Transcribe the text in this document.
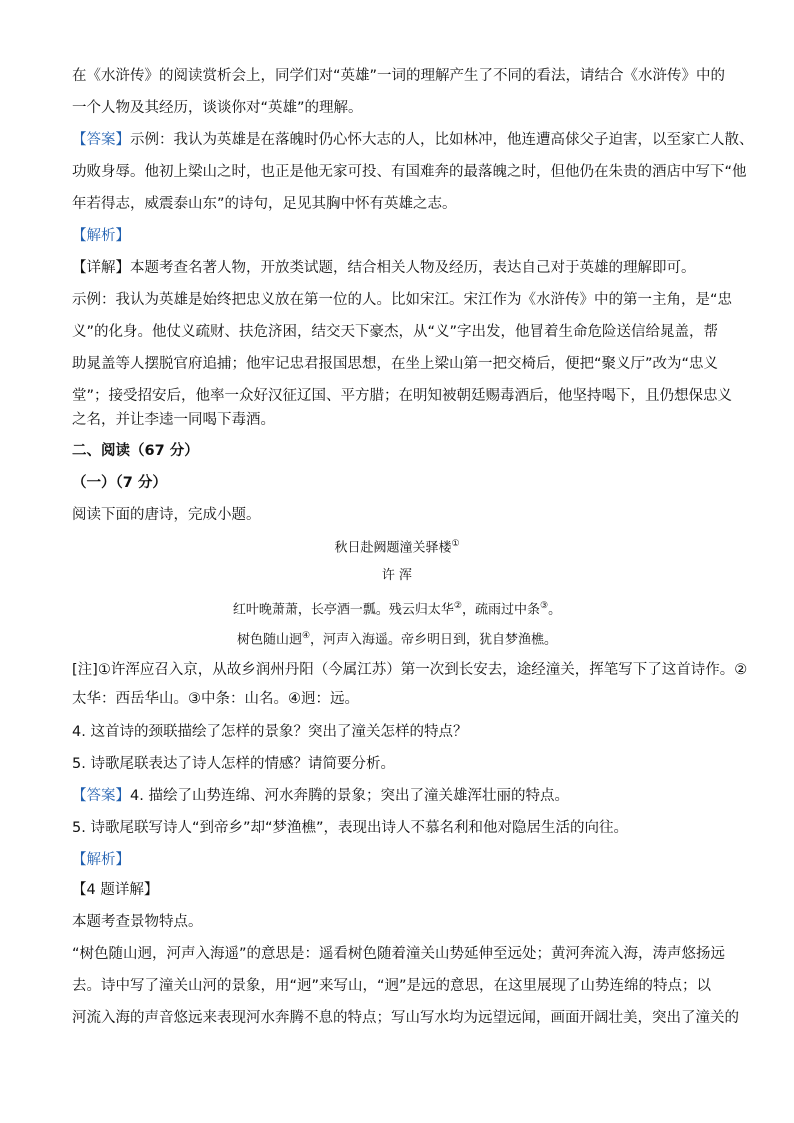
在《水浒传》的阅读赏析会上，同学们对“英雄”一词的理解产生了不同的看法，请结合《水浒传》中的
一个人物及其经历，谈谈你对“英雄”的理解。
【答案】示例：我认为英雄是在落魄时仍心怀大志的人，比如林冲，他连遭高俅父子迫害，以至家亡人散、
功败身辱。他初上梁山之时，也正是他无家可投、有国难奔的最落魄之时，但他仍在朱贵的酒店中写下“他
年若得志，威震泰山东”的诗句，足见其胸中怀有英雄之志。
【解析】
【详解】本题考查名著人物，开放类试题，结合相关人物及经历，表达自己对于英雄的理解即可。
示例：我认为英雄是始终把忠义放在第一位的人。比如宋江。宋江作为《水浒传》中的第一主角，是“忠
义”的化身。他仗义疏财、扶危济困，结交天下豪杰，从“义”字出发，他冒着生命危险送信给晁盖，帮
助晁盖等人摆脱官府追捕；他牢记忠君报国思想，在坐上梁山第一把交椅后，便把“聚义厅”改为“忠义
堂”；接受招安后，他率一众好汉征辽国、平方腊；在明知被朝廷赐毒酒后，他坚持喝下，且仍想保忠义
之名，并让李逵一同喝下毒酒。
二、阅读（67 分）
（一）（7 分）
阅读下面的唐诗，完成小题。
秋日赴阙题潼关驿楼①
许 浑
红叶晚萧萧，长亭酒一瓢。残云归太华②，疏雨过中条③。
树色随山迥④，河声入海遥。帝乡明日到，犹自梦渔樵。
[注]①许浑应召入京，从故乡润州丹阳（今属江苏）第一次到长安去，途经潼关，挥笔写下了这首诗作。②
太华：西岳华山。③中条：山名。④迥：远。
4. 这首诗的颈联描绘了怎样的景象？突出了潼关怎样的特点？
5. 诗歌尾联表达了诗人怎样的情感？请简要分析。
【答案】4. 描绘了山势连绵、河水奔腾的景象；突出了潼关雄浑壮丽的特点。
5. 诗歌尾联写诗人“到帝乡”却“梦渔樵”，表现出诗人不慕名利和他对隐居生活的向往。
【解析】
【4 题详解】
本题考查景物特点。
“树色随山迥，河声入海遥”的意思是：遥看树色随着潼关山势延伸至远处；黄河奔流入海，涛声悠扬远
去。诗中写了潼关山河的景象，用“迥”来写山，“迥”是远的意思，在这里展现了山势连绵的特点；以
河流入海的声音悠远来表现河水奔腾不息的特点；写山写水均为远望远闻，画面开阔壮美，突出了潼关的
